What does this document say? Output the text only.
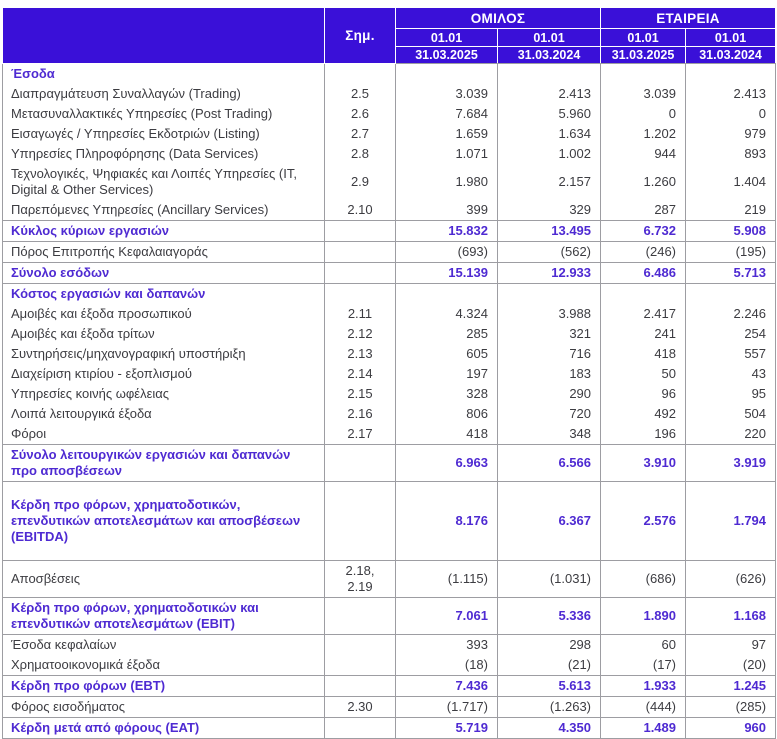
	Σημ.	ΟΜΙΛΟΣ		ΕΤΑΙΡΕΙΑ	
		01.01	01.01	01.01	01.01
		31.03.2025	31.03.2024	31.03.2025	31.03.2024
Έσοδα					
Διαπραγμάτευση Συναλλαγών (Trading)	2.5	3.039	2.413	3.039	2.413
Μετασυναλλακτικές Υπηρεσίες (Post Trading)	2.6	7.684	5.960	0	0
Εισαγωγές / Υπηρεσίες Εκδοτριών (Listing)	2.7	1.659	1.634	1.202	979
Υπηρεσίες Πληροφόρησης (Data Services)	2.8	1.071	1.002	944	893
Τεχνολογικές, Ψηφιακές και Λοιπές Υπηρεσίες (IT, Digital & Other Services)	2.9	1.980	2.157	1.260	1.404
Παρεπόμενες Υπηρεσίες (Ancillary Services)	2.10	399	329	287	219
Κύκλος κύριων εργασιών		15.832	13.495	6.732	5.908
Πόρος Επιτροπής Κεφαλαιαγοράς		(693)	(562)	(246)	(195)
Σύνολο εσόδων		15.139	12.933	6.486	5.713
Κόστος εργασιών και δαπανών					
Αμοιβές και έξοδα προσωπικού	2.11	4.324	3.988	2.417	2.246
Αμοιβές και έξοδα τρίτων	2.12	285	321	241	254
Συντηρήσεις/μηχανογραφική υποστήριξη	2.13	605	716	418	557
Διαχείριση κτιρίου - εξοπλισμού	2.14	197	183	50	43
Υπηρεσίες κοινής ωφέλειας	2.15	328	290	96	95
Λοιπά λειτουργικά έξοδα	2.16	806	720	492	504
Φόροι	2.17	418	348	196	220
Σύνολο λειτουργικών εργασιών και δαπανών προ αποσβέσεων		6.963	6.566	3.910	3.919
Κέρδη προ φόρων, χρηματοδοτικών, επενδυτικών αποτελεσμάτων και αποσβέσεων (EBITDA)		8.176	6.367	2.576	1.794
Αποσβέσεις	2.18, 2.19	(1.115)	(1.031)	(686)	(626)
Κέρδη προ φόρων, χρηματοδοτικών και επενδυτικών αποτελεσμάτων (EBIT)		7.061	5.336	1.890	1.168
Έσοδα κεφαλαίων		393	298	60	97
Χρηματοοικονομικά έξοδα		(18)	(21)	(17)	(20)
Κέρδη προ φόρων (EBT)		7.436	5.613	1.933	1.245
Φόρος εισοδήματος	2.30	(1.717)	(1.263)	(444)	(285)
Κέρδη μετά από φόρους (EAT)		5.719	4.350	1.489	960
